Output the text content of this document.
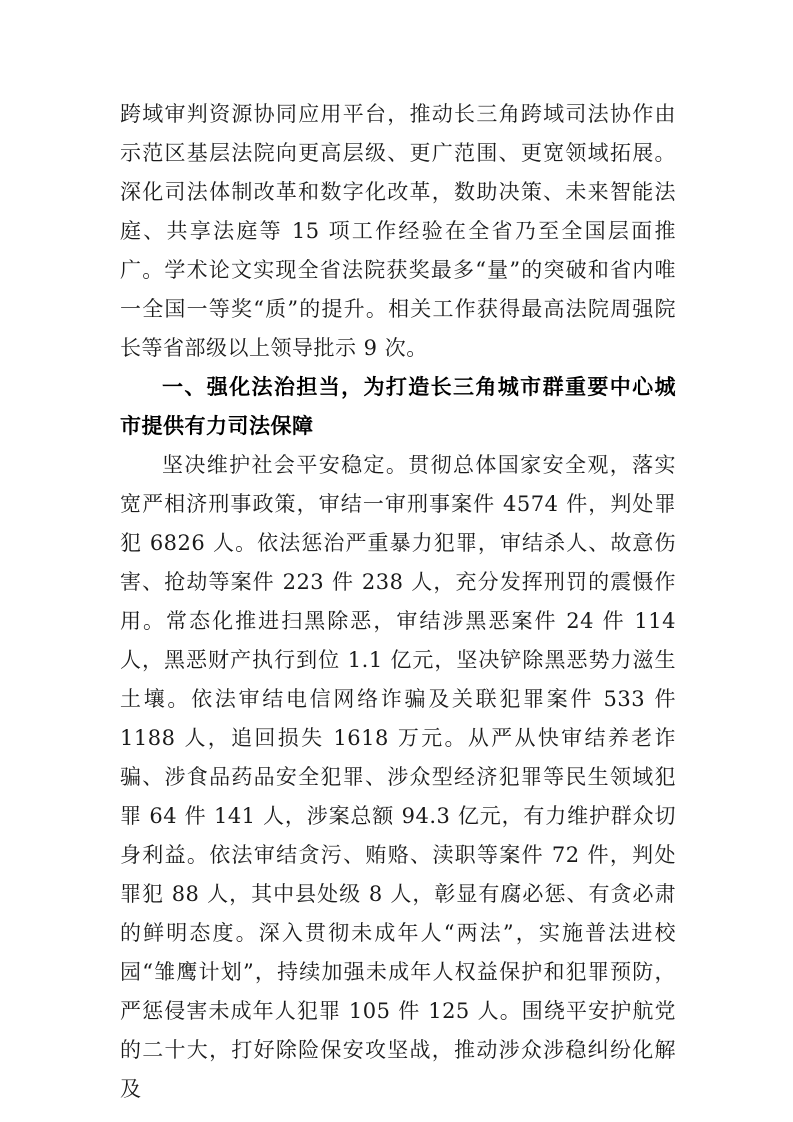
跨域审判资源协同应用平台，推动长三角跨域司法协作由示范区基层法院向更高层级、更广范围、更宽领域拓展。深化司法体制改革和数字化改革，数助决策、未来智能法庭、共享法庭等 15 项工作经验在全省乃至全国层面推广。学术论文实现全省法院获奖最多“量”的突破和省内唯一全国一等奖“质”的提升。相关工作获得最高法院周强院长等省部级以上领导批示 9 次。

一、强化法治担当，为打造长三角城市群重要中心城市提供有力司法保障

坚决维护社会平安稳定。贯彻总体国家安全观，落实宽严相济刑事政策，审结一审刑事案件 4574 件，判处罪犯 6826 人。依法惩治严重暴力犯罪，审结杀人、故意伤害、抢劫等案件 223 件 238 人，充分发挥刑罚的震慑作用。常态化推进扫黑除恶，审结涉黑恶案件 24 件 114 人，黑恶财产执行到位 1.1 亿元，坚决铲除黑恶势力滋生土壤。依法审结电信网络诈骗及关联犯罪案件 533 件 1188 人，追回损失 1618 万元。从严从快审结养老诈骗、涉食品药品安全犯罪、涉众型经济犯罪等民生领域犯罪 64 件 141 人，涉案总额 94.3 亿元，有力维护群众切身利益。依法审结贪污、贿赂、渎职等案件 72 件，判处罪犯 88 人，其中县处级 8 人，彰显有腐必惩、有贪必肃的鲜明态度。深入贯彻未成年人“两法”，实施普法进校园“雏鹰计划”，持续加强未成年人权益保护和犯罪预防，严惩侵害未成年人犯罪 105 件 125 人。围绕平安护航党的二十大，打好除险保安攻坚战，推动涉众涉稳纠纷化解及
